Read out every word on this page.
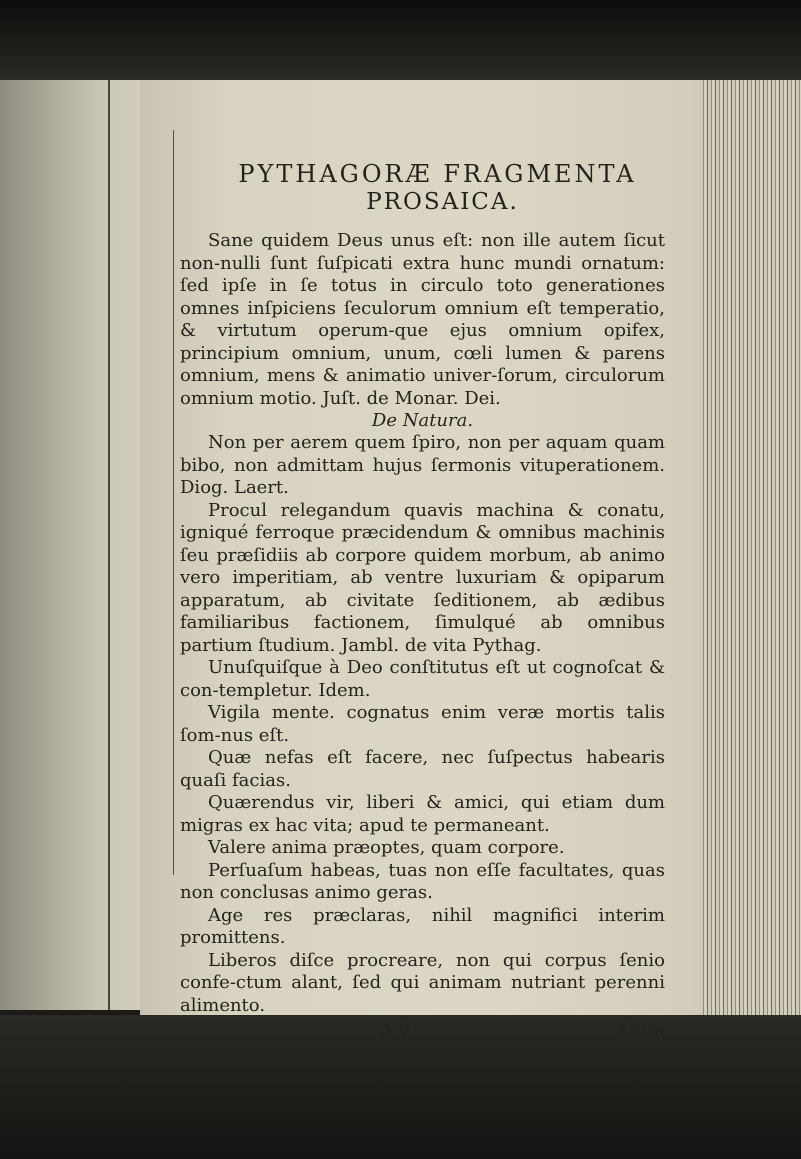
PYTHAGORÆ FRAGMENTA
PROSAICA.

Sane quidem Deus unus eſt: non ille autem ſicut non-nulli ſunt ſuſpicati extra hunc mundi ornatum: ſed ipſe in ſe totus in circulo toto generationes omnes inſpiciens ſeculorum omnium eſt temperatio, & virtutum operum-que ejus omnium opifex, principium omnium, unum, cœli lumen & parens omnium, mens & animatio univer-ſorum, circulorum omnium motio. Juſt. de Monar. Dei.

De Natura.

Non per aerem quem ſpiro, non per aquam quam bibo, non admittam hujus ſermonis vituperationem. Diog. Laert.

Procul relegandum quavis machina & conatu, igniqué ferroque præcidendum & omnibus machinis ſeu præſidiis ab corpore quidem morbum, ab animo vero imperitiam, ab ventre luxuriam & opiparum apparatum, ab civitate ſeditionem, ab ædibus familiaribus factionem, ſimulqué ab omnibus partium ſtudium. Jambl. de vita Pythag.

Unuſquiſque à Deo conſtitutus eſt ut cognoſcat & con-templetur. Idem.

Vigila mente. cognatus enim veræ mortis talis ſom-nus eſt.

Quæ nefas eſt facere, nec ſuſpectus habearis quaſi facias.

Quærendus vir, liberi & amici, qui etiam dum migras ex hac vita; apud te permaneant.

Valere anima præoptes, quam corpore.

Perſuaſum habeas, tuas non eſſe facultates, quas non conclusas animo geras.

Age res præclaras, nihil magnifici interim promittens.

Liberos diſce procreare, non qui corpus ſenio confe-ctum alant, ſed qui animam nutriant perenni alimento.

A 2	Cum
